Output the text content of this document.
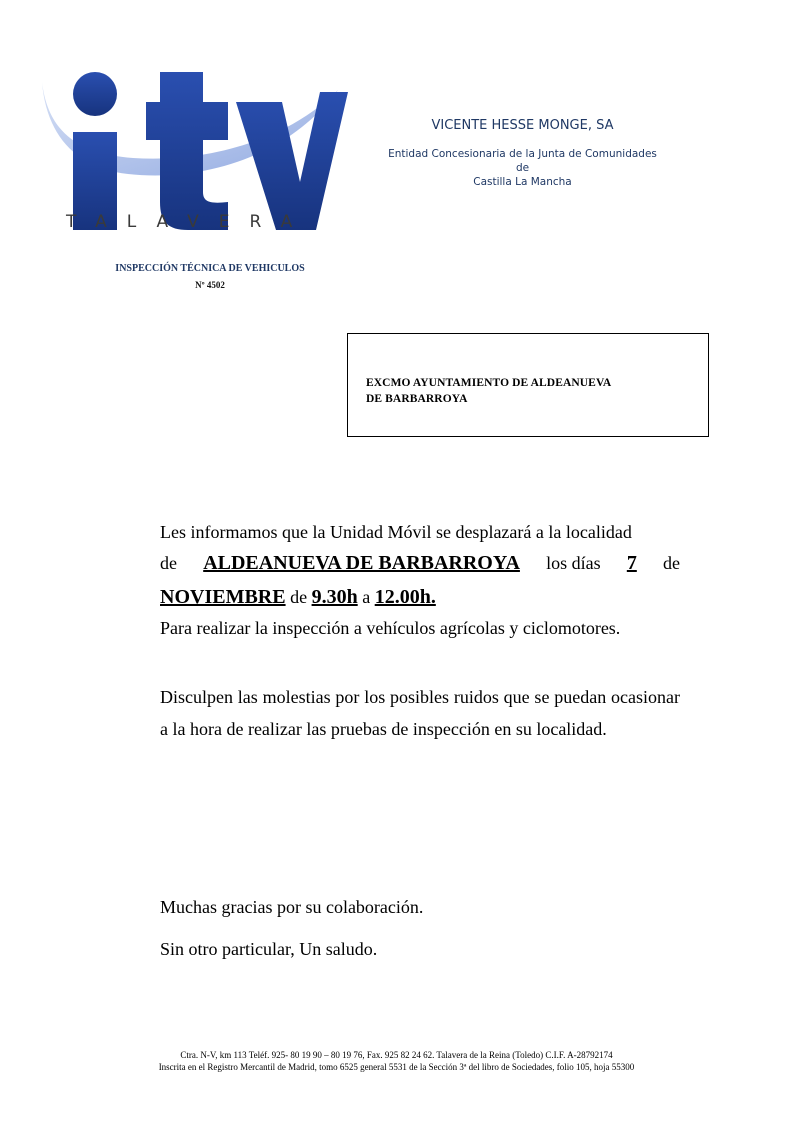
TALAVERA
INSPECCIÓN TÉCNICA DE VEHICULOS
Nº 4502
VICENTE HESSE MONGE, SA
Entidad Concesionaria de la Junta de Comunidades de
Castilla La Mancha
EXCMO AYUNTAMIENTO DE ALDEANUEVA
DE BARBARROYA
Les informamos que la Unidad Móvil se desplazará a la localidad
de ALDEANUEVA DE BARBARROYA los días 7 de
NOVIEMBRE de 9.30h a 12.00h.
Para realizar la inspección a vehículos agrícolas y ciclomotores.
Disculpen las molestias por los posibles ruidos que se puedan ocasionar a la hora de realizar las pruebas de inspección en su localidad.
Muchas gracias por su colaboración.
Sin otro particular, Un saludo.
Ctra. N-V, km 113 Teléf. 925- 80 19 90 – 80 19 76, Fax. 925 82 24 62. Talavera de la Reina (Toledo) C.I.F. A-28792174
Inscrita en el Registro Mercantil de Madrid, tomo 6525 general 5531 de la Sección 3ª del libro de Sociedades, folio 105, hoja 55300
